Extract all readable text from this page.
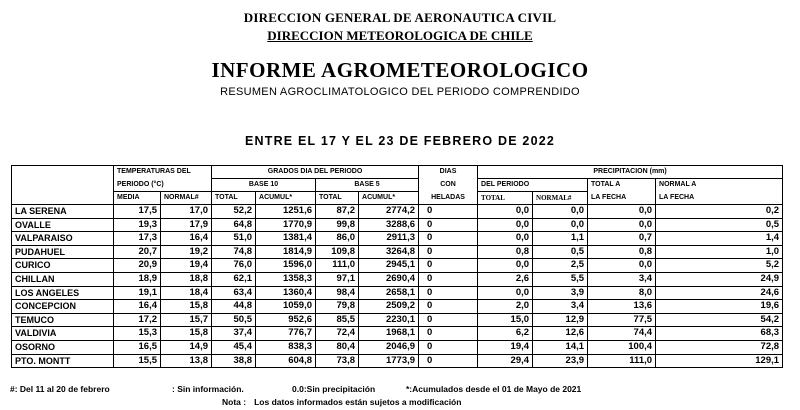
DIRECCION GENERAL DE AERONAUTICA CIVIL
DIRECCION METEOROLOGICA DE CHILE
INFORME AGROMETEOROLOGICO
RESUMEN AGROCLIMATOLOGICO DEL PERIODO COMPRENDIDO
ENTRE EL 17 Y EL 23 DE FEBRERO DE 2022
	TEMPERATURAS DEL		GRADOS DIA DEL PERIODO				DIAS	PRECIPITACION (mm)			
	PERIODO (°C)		BASE 10		BASE 5		CON	DEL PERIODO		TOTAL A	NORMAL A
	MEDIA	NORMAL#	TOTAL	ACUMUL*	TOTAL	ACUMUL*	HELADAS	TOTAL	NORMAL#	LA FECHA	LA FECHA
LA SERENA	17,5	17,0	52,2	1251,6	87,2	2774,2	0	0,0	0,0	0,0	0,2
OVALLE	19,3	17,9	64,8	1770,9	99,8	3288,6	0	0,0	0,0	0,0	0,5
VALPARAISO	17,3	16,4	51,0	1381,4	86,0	2911,3	0	0,0	1,1	0,7	1,4
PUDAHUEL	20,7	19,2	74,8	1814,9	109,8	3264,8	0	0,8	0,5	0,8	1,0
CURICO	20,9	19,4	76,0	1596,0	111,0	2945,1	0	0,0	2,5	0,0	5,2
CHILLAN	18,9	18,8	62,1	1358,3	97,1	2690,4	0	2,6	5,5	3,4	24,9
LOS ANGELES	19,1	18,4	63,4	1360,4	98,4	2658,1	0	0,0	3,9	8,0	24,6
CONCEPCION	16,4	15,8	44,8	1059,0	79,8	2509,2	0	2,0	3,4	13,6	19,6
TEMUCO	17,2	15,7	50,5	952,6	85,5	2230,1	0	15,0	12,9	77,5	54,2
VALDIVIA	15,3	15,8	37,4	776,7	72,4	1968,1	0	6,2	12,6	74,4	68,3
OSORNO	16,5	14,9	45,4	838,3	80,4	2046,9	0	19,4	14,1	100,4	72,8
PTO. MONTT	15,5	13,8	38,8	604,8	73,8	1773,9	0	29,4	23,9	111,0	129,1
#: Del 11 al 20 de febrero	: Sin información.	0.0:Sin precipitación	*:Acumulados desde el 01 de Mayo de 2021
Nota : Los datos informados están sujetos a modificación
